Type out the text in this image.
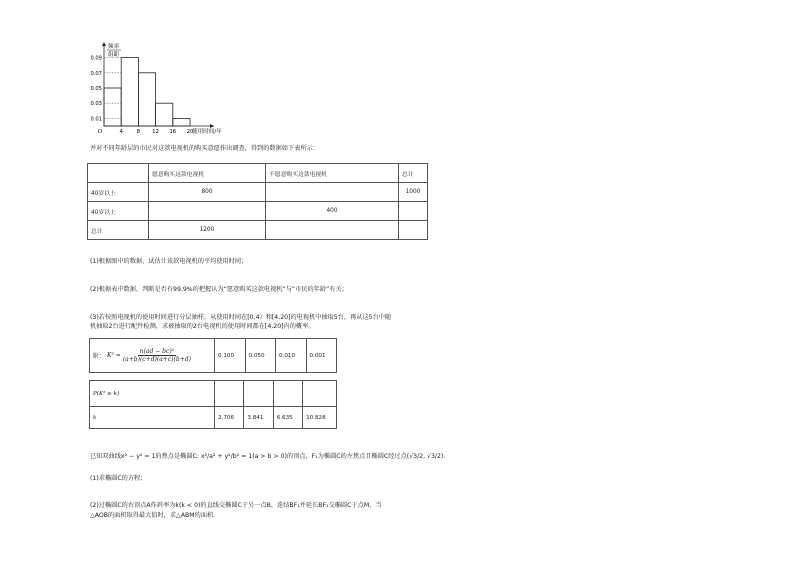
0.09
0.07
0.05
0.03
0.01
4	8 12 16 20
O	使用时间/年
频率
组距
并对不同年龄层的市民对这款电视机的购买意愿作出调查，得到的数据如下表所示：
	愿意购买这款电视机	不愿意购买这款电视机	总计
40岁以上	800		1000
40岁以上		400	
总计	1200		
(1)根据图中的数据，试估计该款电视机的平均使用时间；
(2)根据表中数据，判断是否有99.9%的把握认为“愿意购买这款电视机”与“市民的年龄”有关；
(3)若按照电视机的使用时间进行分层抽样，从使用时间在[0,4）和[4,20]的电视机中抽取5台，再从这5台中随
机抽取2台进行配件检测，求被抽取的2台电视机的使用时间都在[4,20]内的概率。
附： $K^2 = \frac{\text{n(ad − bc)²}}{(a+b)(c+d)(a+c)(b+d)}$	0.100	0.050	0.010	0.001
P(K² ≥ k)				
k	2.706	3.841	6.635	10.828
已知双曲线x² − y² = 1的焦点是椭圆C: x²/a² + y²/b² = 1(a > b > 0)的顶点，F₁为椭圆C的左焦点且椭圆C经过点(√3/2, √3/2).
(1)求椭圆C的方程；
(2)过椭圆C的右顶点A作斜率为k(k < 0)的直线交椭圆C于另一点B，连结BF₁并延长BF₁交椭圆C于点M，当
△AOB的面积取得最大值时，求△ABM的面积.
